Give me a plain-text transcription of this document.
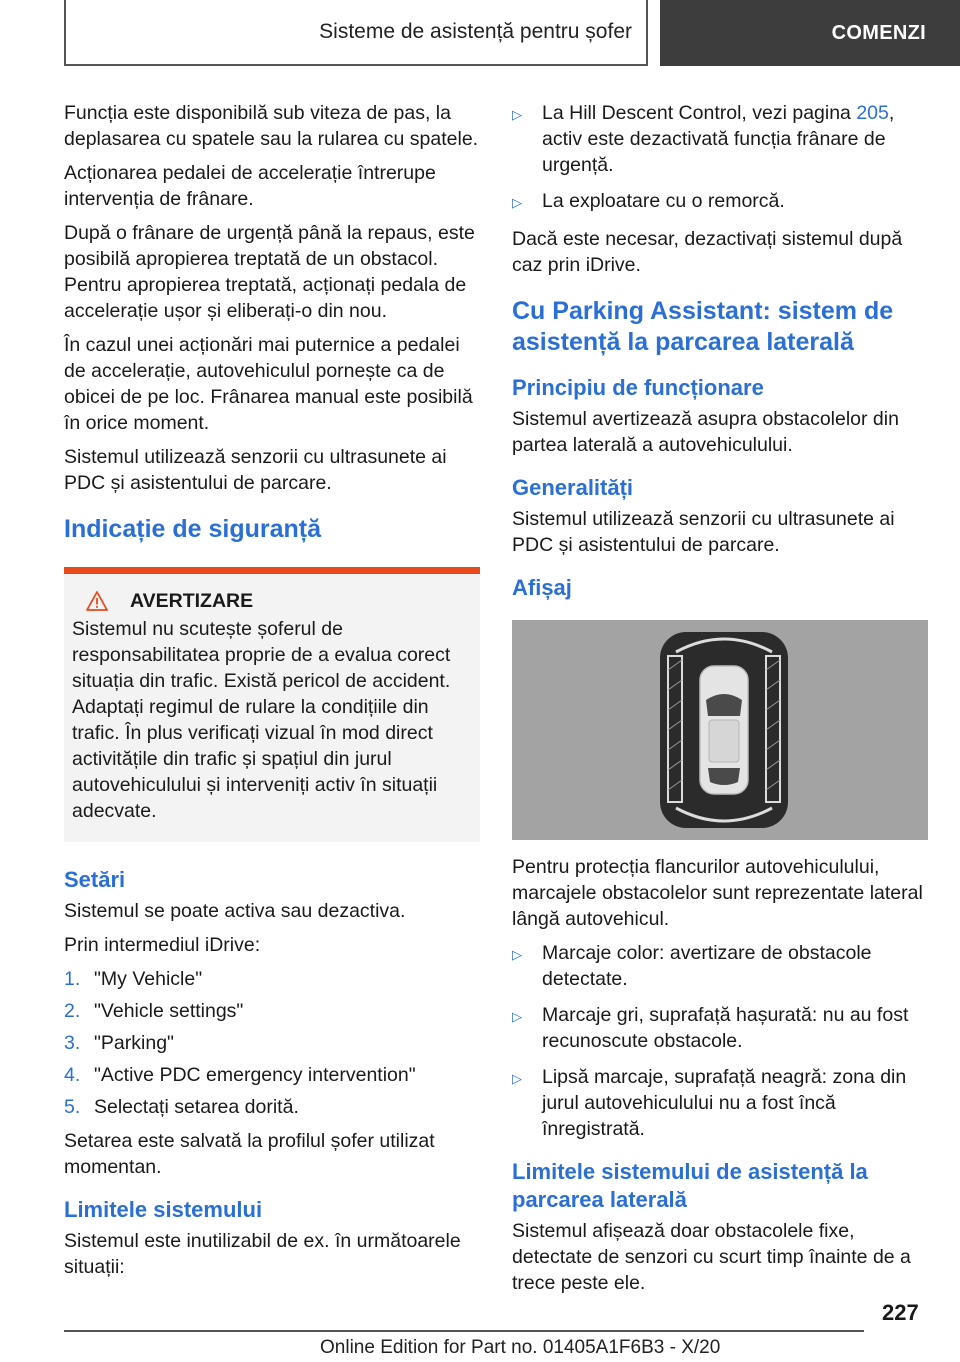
Sisteme de asistență pentru șofer	COMENZI

Funcția este disponibilă sub viteza de pas, la deplasarea cu spatele sau la rularea cu spatele.

Acționarea pedalei de accelerație întrerupe intervenția de frânare.

După o frânare de urgență până la repaus, este posibilă apropierea treptată de un obstacol. Pentru apropierea treptată, acționați pedala de accelerație ușor și eliberați-o din nou.

În cazul unei acționări mai puternice a pedalei de accelerație, autovehiculul pornește ca de obicei de pe loc. Frânarea manual este posibilă în orice moment.

Sistemul utilizează senzorii cu ultrasunete ai PDC și asistentului de parcare.

Indicație de siguranță
AVERTIZARE
Sistemul nu scutește șoferul de responsabilitatea proprie de a evalua corect situația din trafic. Există pericol de accident. Adaptați regimul de rulare la condițiile din trafic. În plus verificați vizual în mod direct activitățile din trafic și spațiul din jurul autovehiculului și interveniți activ în situații adecvate.
Setări

Sistemul se poate activa sau dezactiva.

Prin intermediul iDrive:

1. "My Vehicle"
2. "Vehicle settings"
3. "Parking"
4. "Active PDC emergency intervention"
5. Selectați setarea dorită.

Setarea este salvată la profilul șofer utilizat momentan.

Limitele sistemului

Sistemul este inutilizabil de ex. în următoarele situații:

▷	La Hill Descent Control, vezi pagina 205, activ este dezactivată funcția frânare de urgență.
▷	La exploatare cu o remorcă.

Dacă este necesar, dezactivați sistemul după caz prin iDrive.

Cu Parking Assistant: sistem de asistență la parcarea laterală
Principiu de funcționare

Sistemul avertizează asupra obstacolelor din partea laterală a autovehiculului.

Generalități

Sistemul utilizează senzorii cu ultrasunete ai PDC și asistentului de parcare.

Afișaj

Pentru protecția flancurilor autovehiculului, marcajele obstacolelor sunt reprezentate lateral lângă autovehicul.

▷	Marcaje color: avertizare de obstacole detectate.
▷	Marcaje gri, suprafață hașurată: nu au fost recunoscute obstacole.
▷	Lipsă marcaje, suprafață neagră: zona din jurul autovehiculului nu a fost încă înregistrată.
Limitele sistemului de asistență la parcarea laterală

Sistemul afișează doar obstacolele fixe, detectate de senzori cu scurt timp înainte de a trece peste ele.

227
Online Edition for Part no. 01405A1F6B3 - X/20
